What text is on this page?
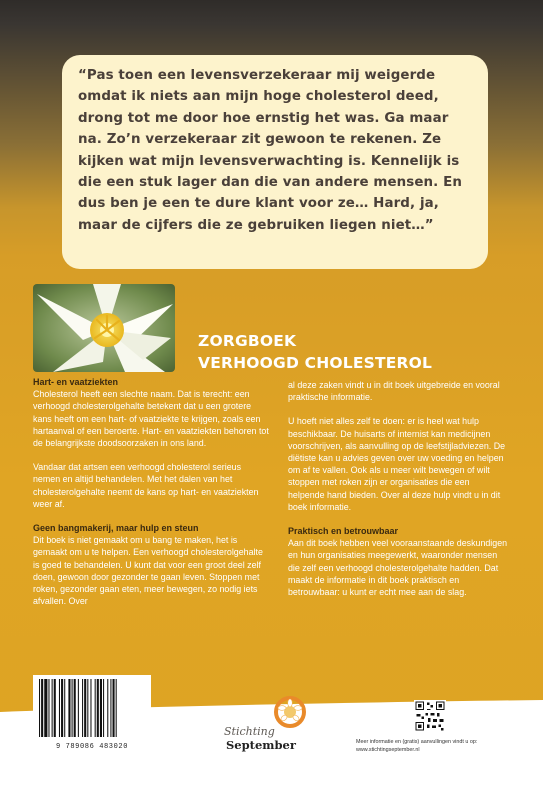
“Pas toen een levensverzekeraar mij weigerde omdat ik niets aan mijn hoge cholesterol deed, drong tot me door hoe ernstig het was. Ga maar na. Zo’n verzekeraar zit gewoon te rekenen. Ze kijken wat mijn levensverwachting is. Kennelijk is die een stuk lager dan die van andere mensen. En dus ben je een te dure klant voor ze… Hard, ja, maar de cijfers die ze gebruiken liegen niet…”

ZORGBOEK
VERHOOGD CHOLESTEROL
Hart- en vaatziekten

Cholesterol heeft een slechte naam. Dat is terecht: een verhoogd cholesterolgehalte betekent dat u een grotere kans heeft om een hart- of vaatziekte te krijgen, zoals een hartaanval of een beroerte. Hart- en vaatziekten behoren tot de belangrijkste doodsoorzaken in ons land.

Vandaar dat artsen een verhoogd cholesterol serieus nemen en altijd behandelen. Met het dalen van het cholesterolgehalte neemt de kans op hart- en vaatziekten weer af.

Geen bangmakerij, maar hulp en steun

Dit boek is niet gemaakt om u bang te maken, het is gemaakt om u te helpen. Een verhoogd cholesterolgehalte is goed te behandelen. U kunt dat voor een groot deel zelf doen, gewoon door gezonder te gaan leven. Stoppen met roken, gezonder gaan eten, meer bewegen, zo nodig iets afvallen. Over

al deze zaken vindt u in dit boek uitgebreide en vooral praktische informatie.

U hoeft niet alles zelf te doen: er is heel wat hulp beschikbaar. De huisarts of internist kan medicijnen voorschrijven, als aanvulling op de leefstijladviezen. De diëtiste kan u advies geven over uw voeding en helpen om af te vallen. Ook als u meer wilt bewegen of wilt stoppen met roken zijn er organisaties die een helpende hand bieden. Over al deze hulp vindt u in dit boek informatie.

Praktisch en betrouwbaar

Aan dit boek hebben veel vooraanstaande deskundigen en hun organisaties meegewerkt, waaronder mensen die zelf een verhoogd cholesterolgehalte hadden. Dat maakt de informatie in dit boek praktisch en betrouwbaar: u kunt er echt mee aan de slag.

9 789086 483020
Stichting
September	Meer informatie en (gratis) aanvullingen vindt u op:
www.stichtingseptember.nl
